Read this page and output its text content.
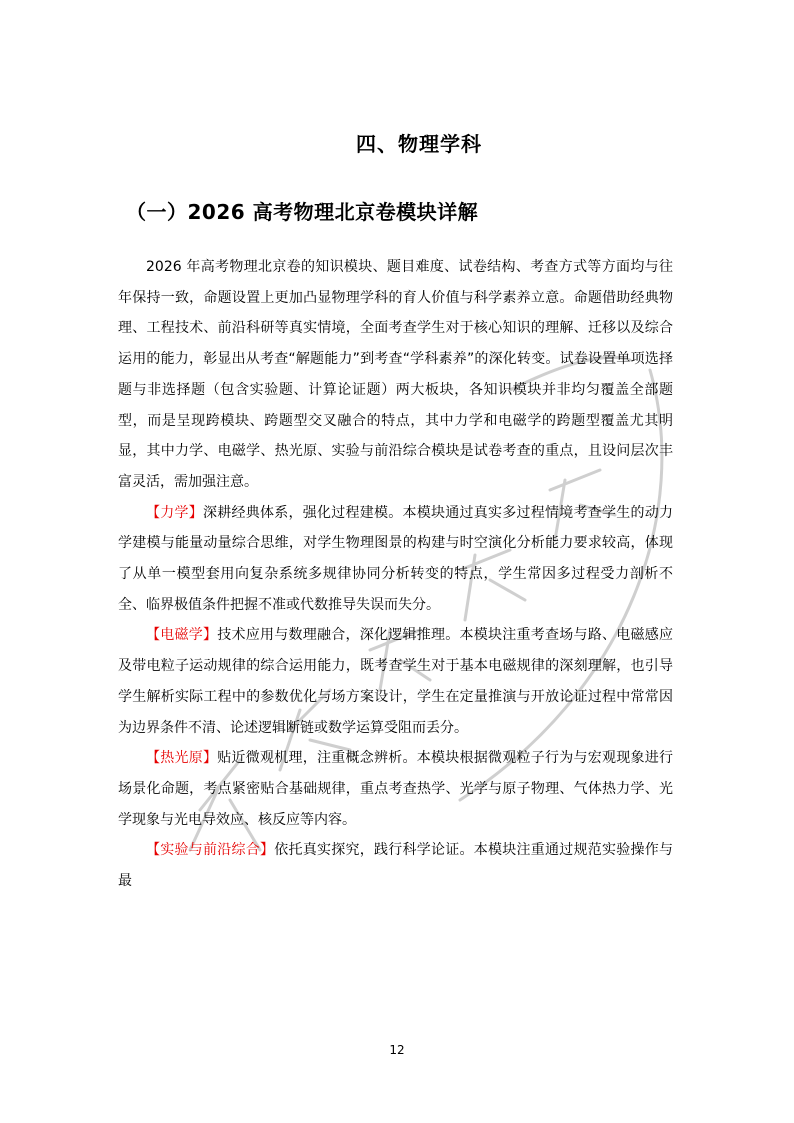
四、物理学科
（一）2026 高考物理北京卷模块详解

2026 年高考物理北京卷的知识模块、题目难度、试卷结构、考查方式等方面均与往年保持一致，命题设置上更加凸显物理学科的育人价值与科学素养立意。命题借助经典物理、工程技术、前沿科研等真实情境，全面考查学生对于核心知识的理解、迁移以及综合运用的能力，彰显出从考查“解题能力”到考查“学科素养”的深化转变。试卷设置单项选择题与非选择题（包含实验题、计算论证题）两大板块，各知识模块并非均匀覆盖全部题型，而是呈现跨模块、跨题型交叉融合的特点，其中力学和电磁学的跨题型覆盖尤其明显，其中力学、电磁学、热光原、实验与前沿综合模块是试卷考查的重点，且设问层次丰富灵活，需加强注意。

【力学】深耕经典体系，强化过程建模。本模块通过真实多过程情境考查学生的动力学建模与能量动量综合思维，对学生物理图景的构建与时空演化分析能力要求较高，体现了从单一模型套用向复杂系统多规律协同分析转变的特点，学生常因多过程受力剖析不全、临界极值条件把握不准或代数推导失误而失分。

【电磁学】技术应用与数理融合，深化逻辑推理。本模块注重考查场与路、电磁感应及带电粒子运动规律的综合运用能力，既考查学生对于基本电磁规律的深刻理解，也引导学生解析实际工程中的参数优化与场方案设计，学生在定量推演与开放论证过程中常常因为边界条件不清、论述逻辑断链或数学运算受阻而丢分。

【热光原】贴近微观机理，注重概念辨析。本模块根据微观粒子行为与宏观现象进行场景化命题，考点紧密贴合基础规律，重点考查热学、光学与原子物理、气体热力学、光学现象与光电导效应、核反应等内容。

【实验与前沿综合】依托真实探究，践行科学论证。本模块注重通过规范实验操作与最

12
